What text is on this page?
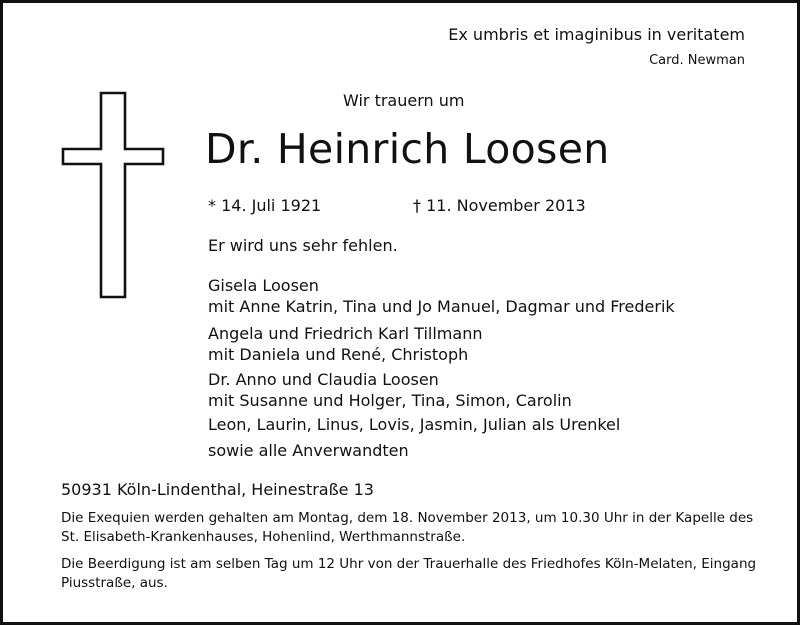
Ex umbris et imaginibus in veritatem
Card. Newman
Wir trauern um
Dr. Heinrich Loosen
* 14. Juli 1921	† 11. November 2013
Er wird uns sehr fehlen.
Gisela Loosen
mit Anne Katrin, Tina und Jo Manuel, Dagmar und Frederik
Angela und Friedrich Karl Tillmann
mit Daniela und René, Christoph
Dr. Anno und Claudia Loosen
mit Susanne und Holger, Tina, Simon, Carolin
Leon, Laurin, Linus, Lovis, Jasmin, Julian als Urenkel
sowie alle Anverwandten
50931 Köln-Lindenthal, Heinestraße 13
Die Exequien werden gehalten am Montag, dem 18. November 2013, um 10.30 Uhr in der Kapelle des St. Elisabeth-Krankenhauses, Hohenlind, Werthmannstraße.
Die Beerdigung ist am selben Tag um 12 Uhr von der Trauerhalle des Friedhofes Köln-Melaten, Eingang Piusstraße, aus.
